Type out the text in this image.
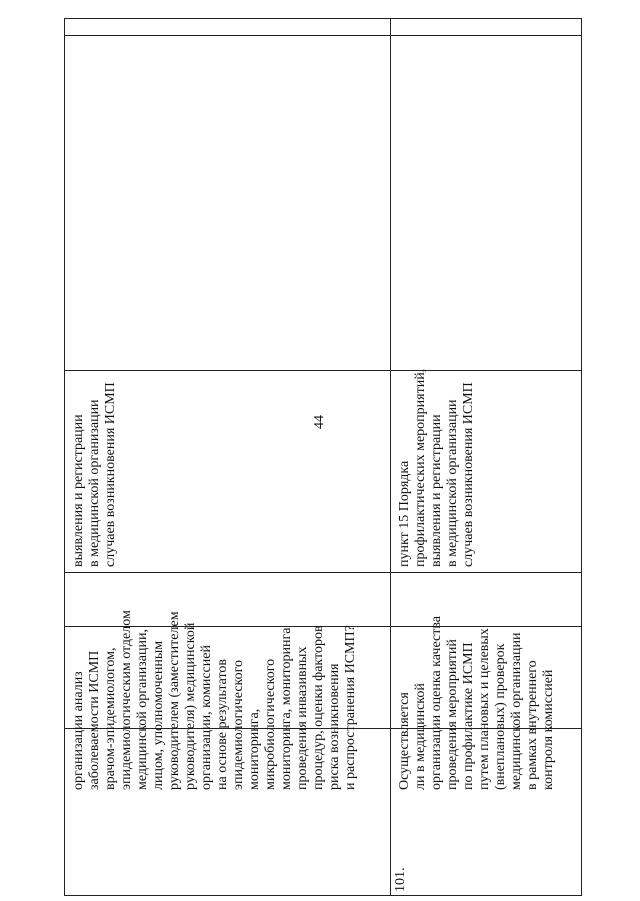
44
выявления и регистрации в медицинской организации случаев возникновения ИСМП
организации анализ заболеваемости ИСМП врачом-эпидемиологом, эпидемиологическим отделом медицинской организации, лицом, уполномоченным руководителем (заместителем руководителя) медицинской организации, комиссией на основе результатов эпидемиологического мониторинга, микробиологического мониторинга, мониторинга проведения инвазивных процедур, оценки факторов риска возникновения и распространения ИСМП?
пункт 15 Порядка профилактических мероприятий, выявления и регистрации в медицинской организации случаев возникновения ИСМП
Осуществляется ли в медицинской организации оценка качества проведения мероприятий по профилактике ИСМП путем плановых и целевых (внеплановых) проверок медицинской организации в рамках внутреннего контроля комиссией
101.
